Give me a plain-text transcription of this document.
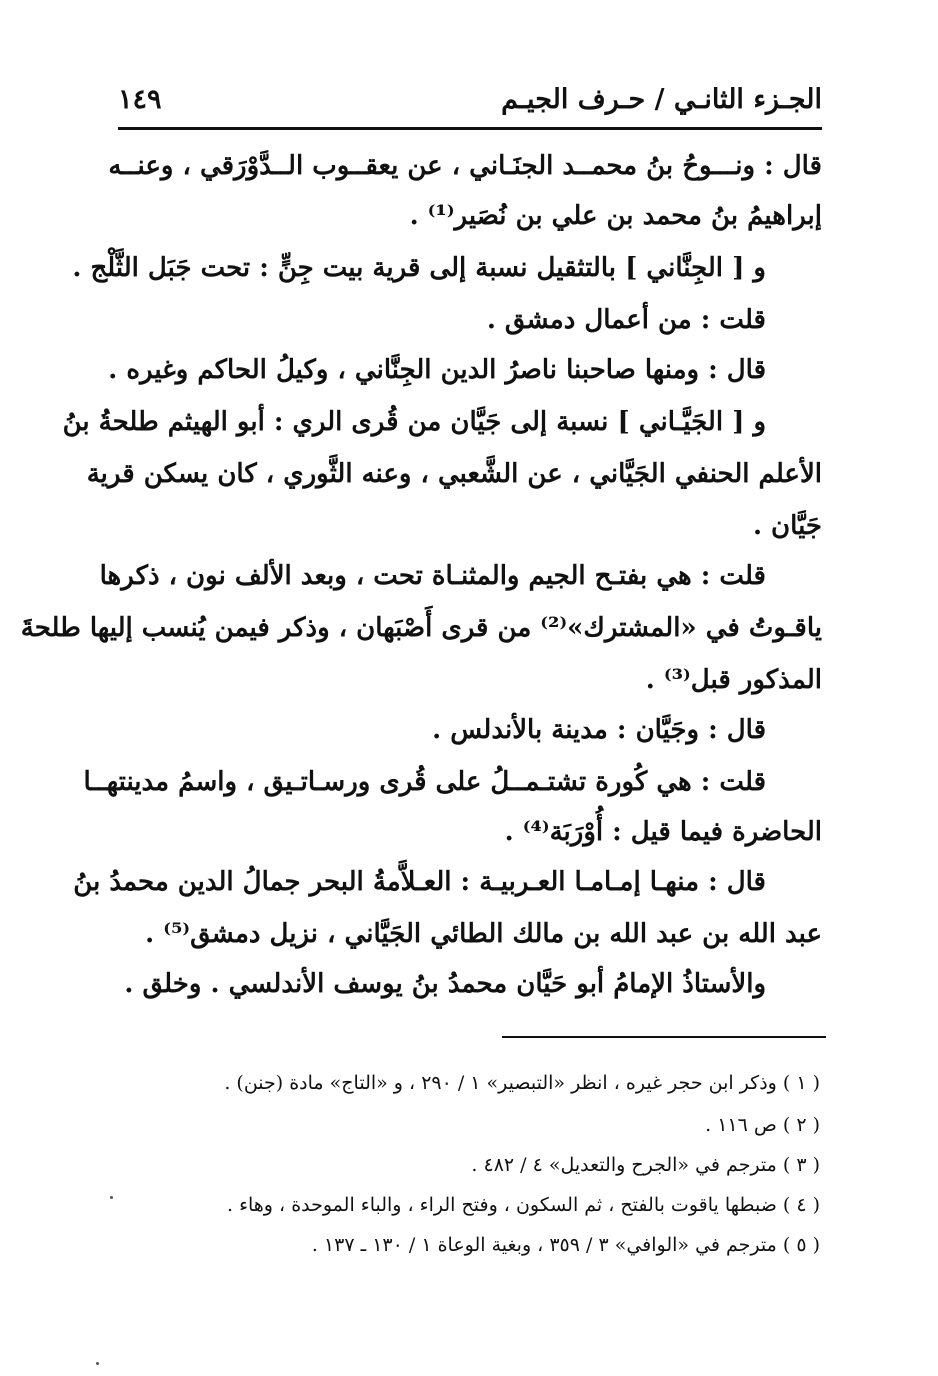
الجـزء الثانـي / حـرف الجيـم
١٤٩
قال : ونـــوحُ بنُ محمــد الجنَـاني ، عن يعقــوب الــدَّوْرَقي ، وعنــه
إبراهيمُ بنُ محمد بن علي بن نُصَير⁽¹⁾ .
و [ الجِنَّاني ] بالتثقيل نسبة إلى قرية بيت جِنٍّ : تحت جَبَل الثَّلْج .
قلت : من أعمال دمشق .
قال : ومنها صاحبنا ناصرُ الدين الجِنَّاني ، وكيلُ الحاكم وغيره .
و [ الجَيَّـاني ] نسبة إلى جَيَّان من قُرى الري : أبو الهيثم طلحةُ بنُ
الأعلم الحنفي الجَيَّاني ، عن الشَّعبي ، وعنه الثَّوري ، كان يسكن قرية
جَيَّان .
قلت : هي بفتـح الجيم والمثنـاة تحت ، وبعد الألف نون ، ذكرها
ياقـوتُ في «المشترك»⁽²⁾ من قرى أَصْبَهان ، وذكر فيمن يُنسب إليها طلحةَ
المذكور قبل⁽³⁾ .
قال : وجَيَّان : مدينة بالأندلس .
قلت : هي كُورة تشتـمــلُ على قُرى ورسـاتـيق ، واسمُ مدينتهــا
الحاضرة فيما قيل : أُوْرَبَة⁽⁴⁾ .
قال : منهـا إمـامـا العـربيـة : العـلاَّمةُ البحر جمالُ الدين محمدُ بنُ
عبد الله بن عبد الله بن مالك الطائي الجَيَّاني ، نزيل دمشق⁽⁵⁾ .
والأستاذُ الإمامُ أبو حَيَّان محمدُ بنُ يوسف الأندلسي . وخلق .
( ١ ) وذكر ابن حجر غيره ، انظر «التبصير» ١ / ٢٩٠ ، و «التاج» مادة (جنن) .
( ٢ ) ص ١١٦ .
( ٣ ) مترجم في «الجرح والتعديل» ٤ / ٤٨٢ .
( ٤ ) ضبطها ياقوت بالفتح ، ثم السكون ، وفتح الراء ، والباء الموحدة ، وهاء .
( ٥ ) مترجم في «الوافي» ٣ / ٣٥٩ ، وبغية الوعاة ١ / ١٣٠ ـ ١٣٧ .
